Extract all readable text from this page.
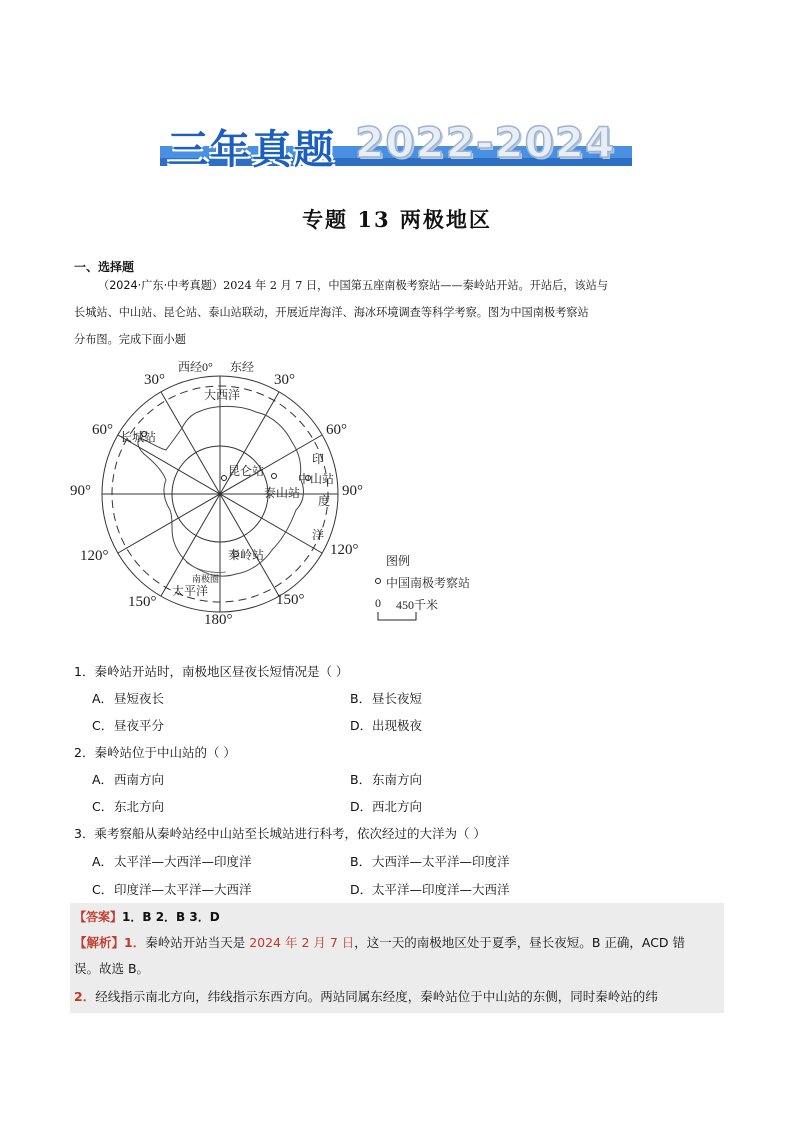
三年真题 2022-2024
专题 13 两极地区
一、选择题
（2024·广东·中考真题）2024 年 2 月 7 日，中国第五座南极考察站——秦岭站开站。开站后，该站与
长城站、中山站、昆仑站、泰山站联动，开展近岸海洋、海冰环境调查等科学考察。图为中国南极考察站
分布图。完成下面小题
西经0° 东经
30°	30°
60°	60°
90°	90°
120°	120°
150°	150°
180°
大西洋
太平洋
印
度
洋
长城站
昆仑站
中山站
泰山站
秦岭站
南极圈
图例
中国南极考察站
0 450千米
1．秦岭站开站时，南极地区昼夜长短情况是（ ）
A．昼短夜长	B．昼长夜短
C．昼夜平分	D．出现极夜
2．秦岭站位于中山站的（ ）
A．西南方向	B．东南方向
C．东北方向	D．西北方向
3．乘考察船从秦岭站经中山站至长城站进行科考，依次经过的大洋为（ ）
A．太平洋—大西洋—印度洋	B．大西洋—太平洋—印度洋
C．印度洋—太平洋—大西洋	D．太平洋—印度洋—大西洋
【答案】1．B 2．B 3．D
【解析】1．秦岭站开站当天是 2024 年 2 月 7 日，这一天的南极地区处于夏季，昼长夜短。B 正确，ACD 错
误。故选 B。
2．经线指示南北方向，纬线指示东西方向。两站同属东经度，秦岭站位于中山站的东侧，同时秦岭站的纬
